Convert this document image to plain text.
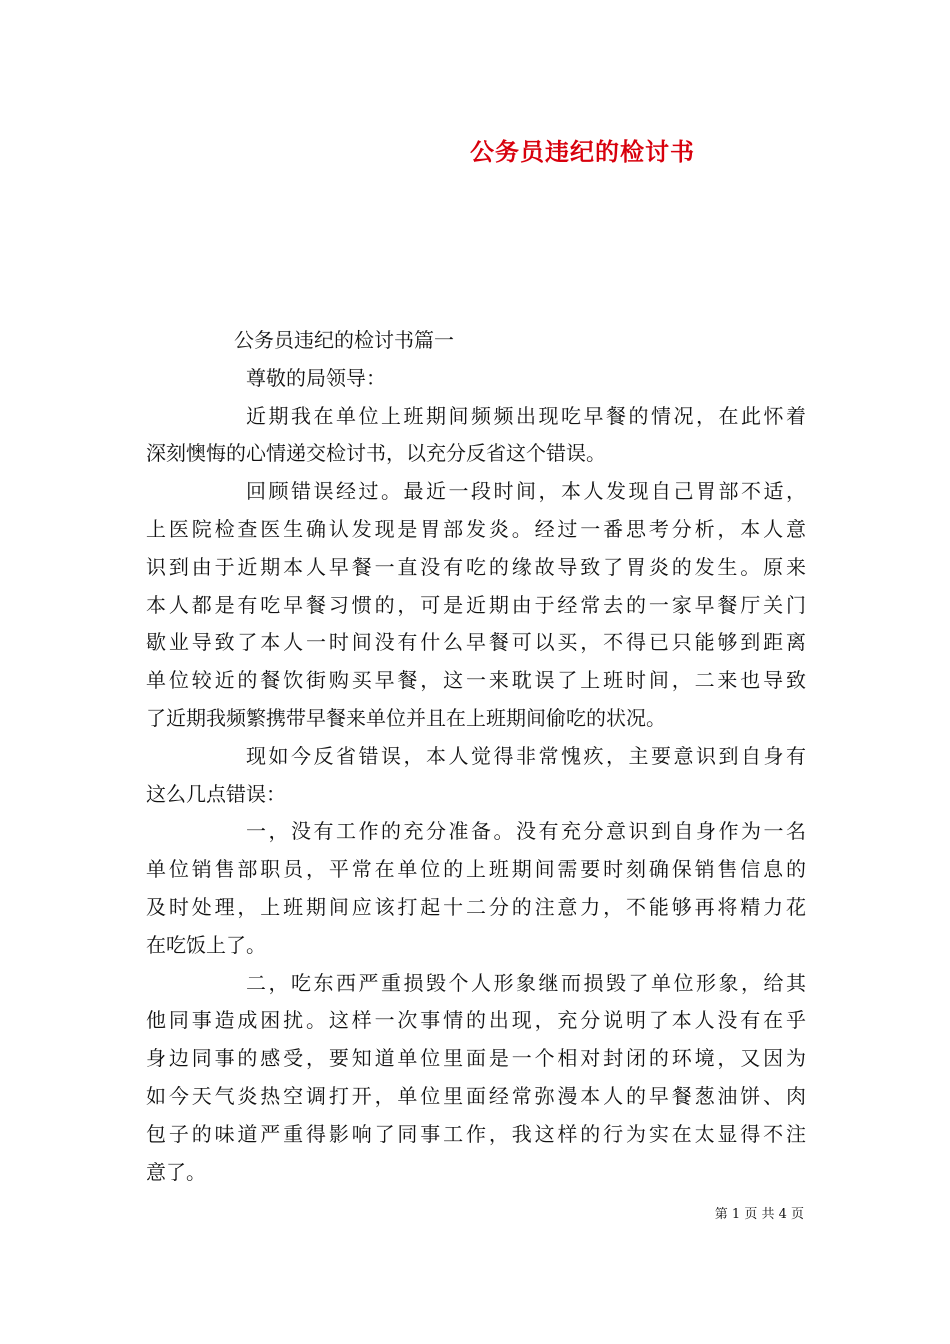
公务员违纪的检讨书
公务员违纪的检讨书篇一
尊敬的局领导：
近期我在单位上班期间频频出现吃早餐的情况，在此怀着
深刻懊悔的心情递交检讨书，以充分反省这个错误。
回顾错误经过。最近一段时间，本人发现自己胃部不适，
上医院检查医生确认发现是胃部发炎。经过一番思考分析，本人意
识到由于近期本人早餐一直没有吃的缘故导致了胃炎的发生。原来
本人都是有吃早餐习惯的，可是近期由于经常去的一家早餐厅关门
歇业导致了本人一时间没有什么早餐可以买，不得已只能够到距离
单位较近的餐饮街购买早餐，这一来耽误了上班时间，二来也导致
了近期我频繁携带早餐来单位并且在上班期间偷吃的状况。
现如今反省错误，本人觉得非常愧疚，主要意识到自身有
这么几点错误：
一，没有工作的充分准备。没有充分意识到自身作为一名
单位销售部职员，平常在单位的上班期间需要时刻确保销售信息的
及时处理，上班期间应该打起十二分的注意力，不能够再将精力花
在吃饭上了。
二，吃东西严重损毁个人形象继而损毁了单位形象，给其
他同事造成困扰。这样一次事情的出现，充分说明了本人没有在乎
身边同事的感受，要知道单位里面是一个相对封闭的环境，又因为
如今天气炎热空调打开，单位里面经常弥漫本人的早餐葱油饼、肉
包子的味道严重得影响了同事工作，我这样的行为实在太显得不注
意了。
第 1 页 共 4 页
